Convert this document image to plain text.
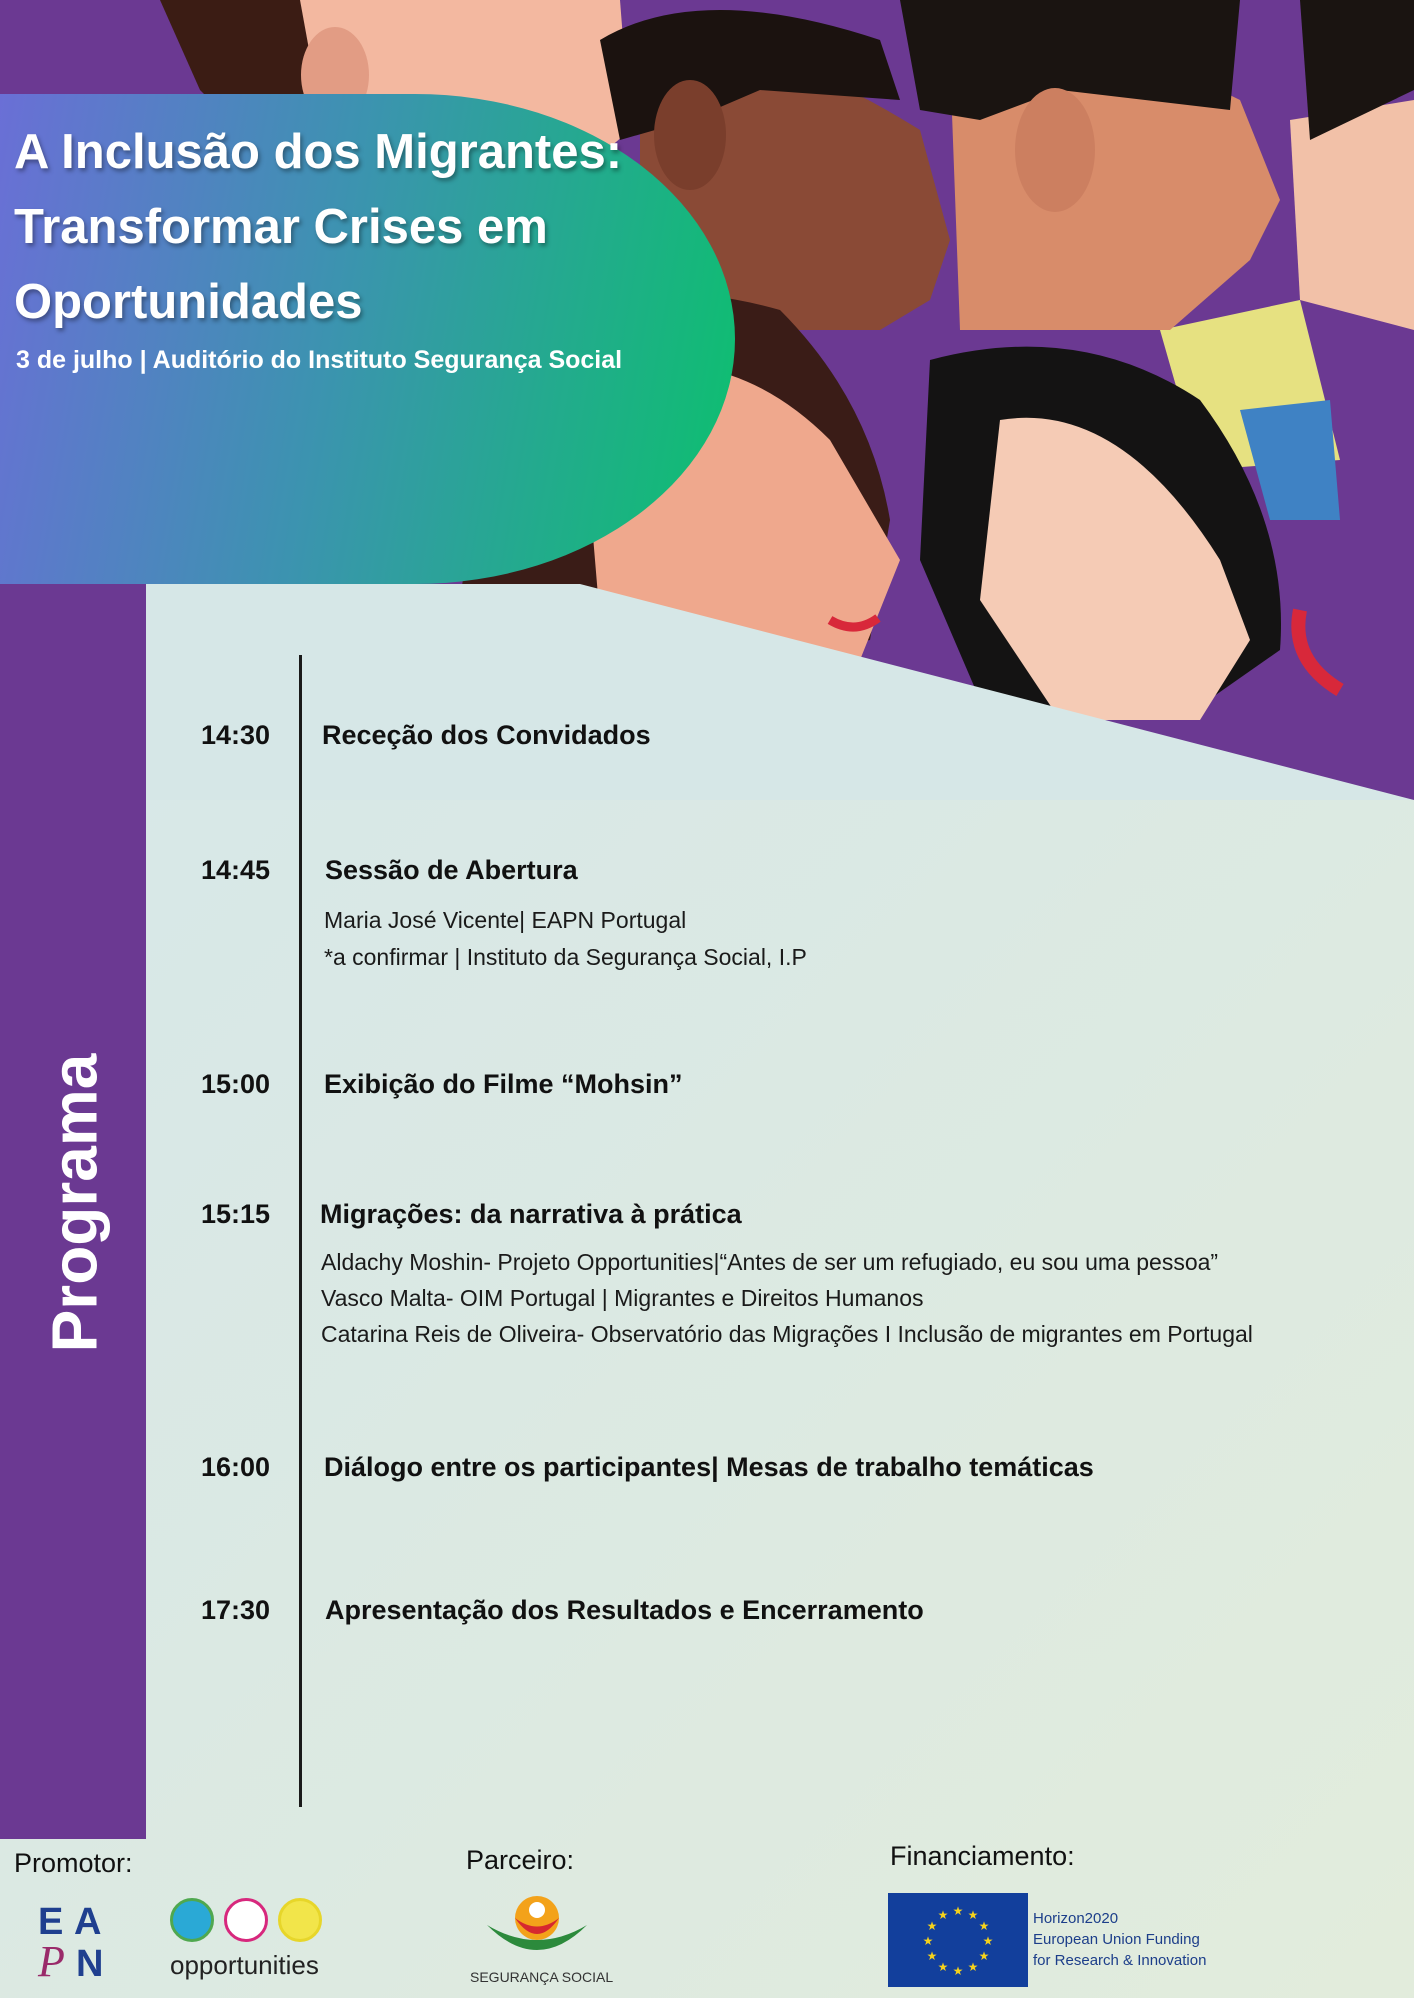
A Inclusão dos Migrantes:
Transformar Crises em
Oportunidades
3 de julho | Auditório do Instituto Segurança Social
Programa
14:30 Receção dos Convidados
14:45 Sessão de Abertura
Maria José Vicente| EAPN Portugal
*a confirmar | Instituto da Segurança Social, I.P
15:00 Exibição do Filme “Mohsin”
15:15 Migrações: da narrativa à prática
Aldachy Moshin- Projeto Opportunities|“Antes de ser um refugiado, eu sou uma pessoa”
Vasco Malta- OIM Portugal | Migrantes e Direitos Humanos
Catarina Reis de Oliveira- Observatório das Migrações I Inclusão de migrantes em Portugal
16:00 Diálogo entre os participantes| Mesas de trabalho temáticas
17:30 Apresentação dos Resultados e Encerramento
Promotor:	Parceiro:	Financiamento:
E A
P N	opportunities	SEGURANÇA SOCIAL
★
★
★
★
★
★
★
★
★ ★ ★
★	Horizon2020
European Union Funding
for Research & Innovation
